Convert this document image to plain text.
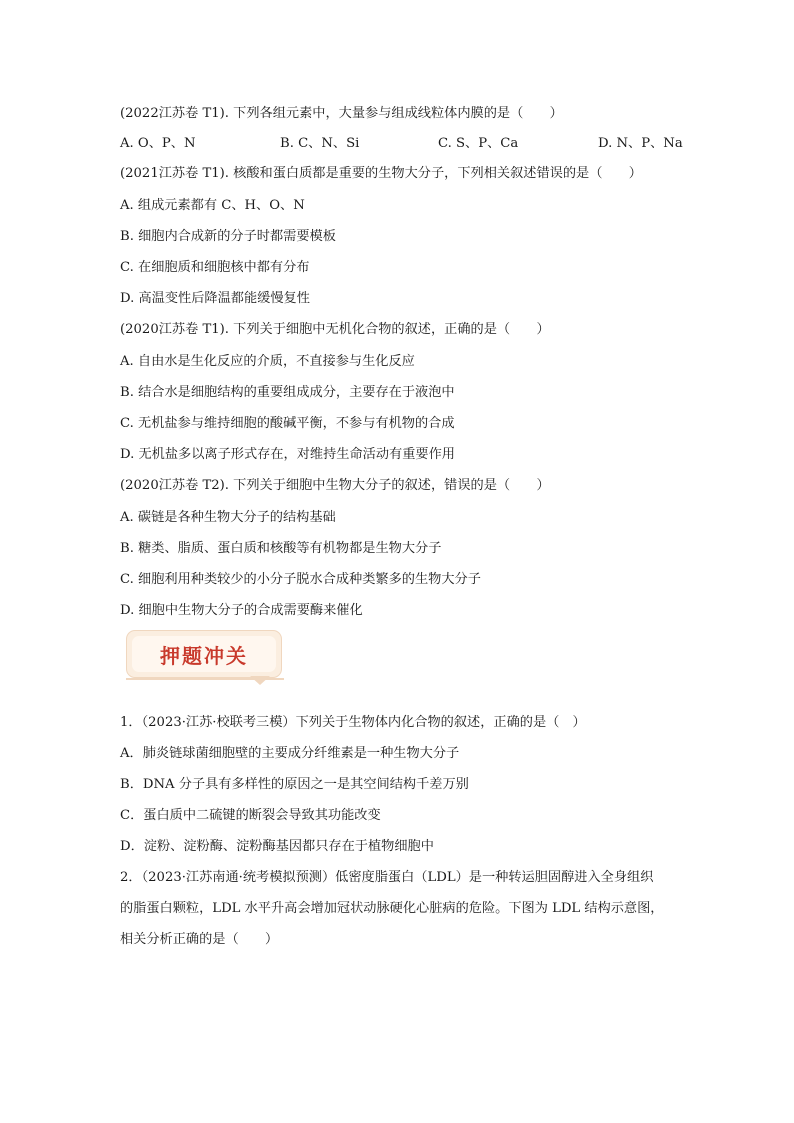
(2022江苏卷 T1). 下列各组元素中，大量参与组成线粒体内膜的是（　　）
A. O、P、N	B. C、N、Si	C. S、P、Ca	D. N、P、Na
(2021江苏卷 T1). 核酸和蛋白质都是重要的生物大分子，下列相关叙述错误的是（　　）
A. 组成元素都有 C、H、O、N
B. 细胞内合成新的分子时都需要模板
C. 在细胞质和细胞核中都有分布
D. 高温变性后降温都能缓慢复性
(2020江苏卷 T1). 下列关于细胞中无机化合物的叙述，正确的是（　　）
A. 自由水是生化反应的介质，不直接参与生化反应
B. 结合水是细胞结构的重要组成成分，主要存在于液泡中
C. 无机盐参与维持细胞的酸碱平衡，不参与有机物的合成
D. 无机盐多以离子形式存在，对维持生命活动有重要作用
(2020江苏卷 T2). 下列关于细胞中生物大分子的叙述，错误的是（　　）
A. 碳链是各种生物大分子的结构基础
B. 糖类、脂质、蛋白质和核酸等有机物都是生物大分子
C. 细胞利用种类较少的小分子脱水合成种类繁多的生物大分子
D. 细胞中生物大分子的合成需要酶来催化
押题冲关
1．（2023·江苏·校联考三模）下列关于生物体内化合物的叙述，正确的是（　）
A．肺炎链球菌细胞壁的主要成分纤维素是一种生物大分子
B．DNA 分子具有多样性的原因之一是其空间结构千差万别
C．蛋白质中二硫键的断裂会导致其功能改变
D．淀粉、淀粉酶、淀粉酶基因都只存在于植物细胞中
2．（2023·江苏南通·统考模拟预测）低密度脂蛋白（LDL）是一种转运胆固醇进入全身组织
的脂蛋白颗粒，LDL 水平升高会增加冠状动脉硬化心脏病的危险。下图为 LDL 结构示意图，
相关分析正确的是（　　）
